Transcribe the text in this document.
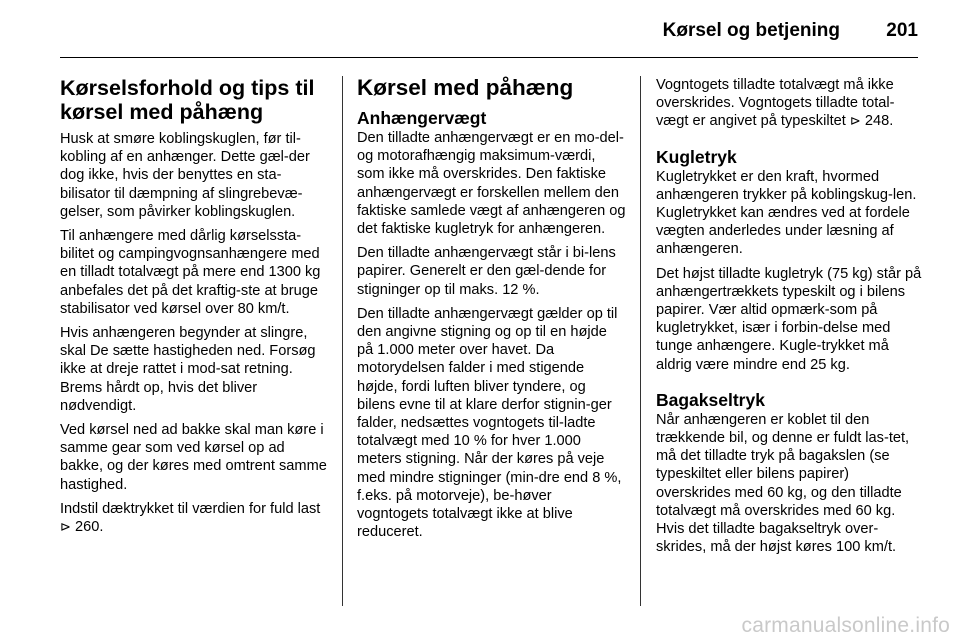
Kørsel og betjening 201
Kørselsforhold og tips til kørsel med påhæng

Husk at smøre koblingskuglen, før til-kobling af en anhænger. Dette gæl-der dog ikke, hvis der benyttes en sta-bilisator til dæmpning af slingrebevæ-gelser, som påvirker koblingskuglen.

Til anhængere med dårlig kørselssta-bilitet og campingvognsanhængere med en tilladt totalvægt på mere end 1300 kg anbefales det på det kraftig-ste at bruge stabilisator ved kørsel over 80 km/t.

Hvis anhængeren begynder at slingre, skal De sætte hastigheden ned. Forsøg ikke at dreje rattet i mod-sat retning. Brems hårdt op, hvis det bliver nødvendigt.

Ved kørsel ned ad bakke skal man køre i samme gear som ved kørsel op ad bakke, og der køres med omtrent samme hastighed.

Indstil dæktrykket til værdien for fuld last ⊳ 260.

Kørsel med påhæng
Anhængervægt

Den tilladte anhængervægt er en mo-del- og motorafhængig maksimum-værdi, som ikke må overskrides. Den faktiske anhængervægt er forskellen mellem den faktiske samlede vægt af anhængeren og det faktiske kugletryk for anhængeren.

Den tilladte anhængervægt står i bi-lens papirer. Generelt er den gæl-dende for stigninger op til maks. 12 %.

Den tilladte anhængervægt gælder op til den angivne stigning og op til en højde på 1.000 meter over havet. Da motorydelsen falder i med stigende højde, fordi luften bliver tyndere, og bilens evne til at klare derfor stignin-ger falder, nedsættes vogntogets til-ladte totalvægt med 10 % for hver 1.000 meters stigning. Når der køres på veje med mindre stigninger (min-dre end 8 %, f.eks. på motorveje), be-høver vogntogets totalvægt ikke at blive reduceret.

Vogntogets tilladte totalvægt må ikke overskrides. Vogntogets tilladte total-vægt er angivet på typeskiltet ⊳ 248.

Kugletryk

Kugletrykket er den kraft, hvormed anhængeren trykker på koblingskug-len. Kugletrykket kan ændres ved at fordele vægten anderledes under læsning af anhængeren.

Det højst tilladte kugletryk (75 kg) står på anhængertrækkets typeskilt og i bilens papirer. Vær altid opmærk-som på kugletrykket, især i forbin-delse med tunge anhængere. Kugle-trykket må aldrig være mindre end 25 kg.

Bagakseltryk

Når anhængeren er koblet til den trækkende bil, og denne er fuldt las-tet, må det tilladte tryk på bagakslen (se typeskiltet eller bilens papirer) overskrides med 60 kg, og den tilladte totalvægt må overskrides med 60 kg. Hvis det tilladte bagakseltryk over-skrides, må der højst køres 100 km/t.

carmanualsonline.info
